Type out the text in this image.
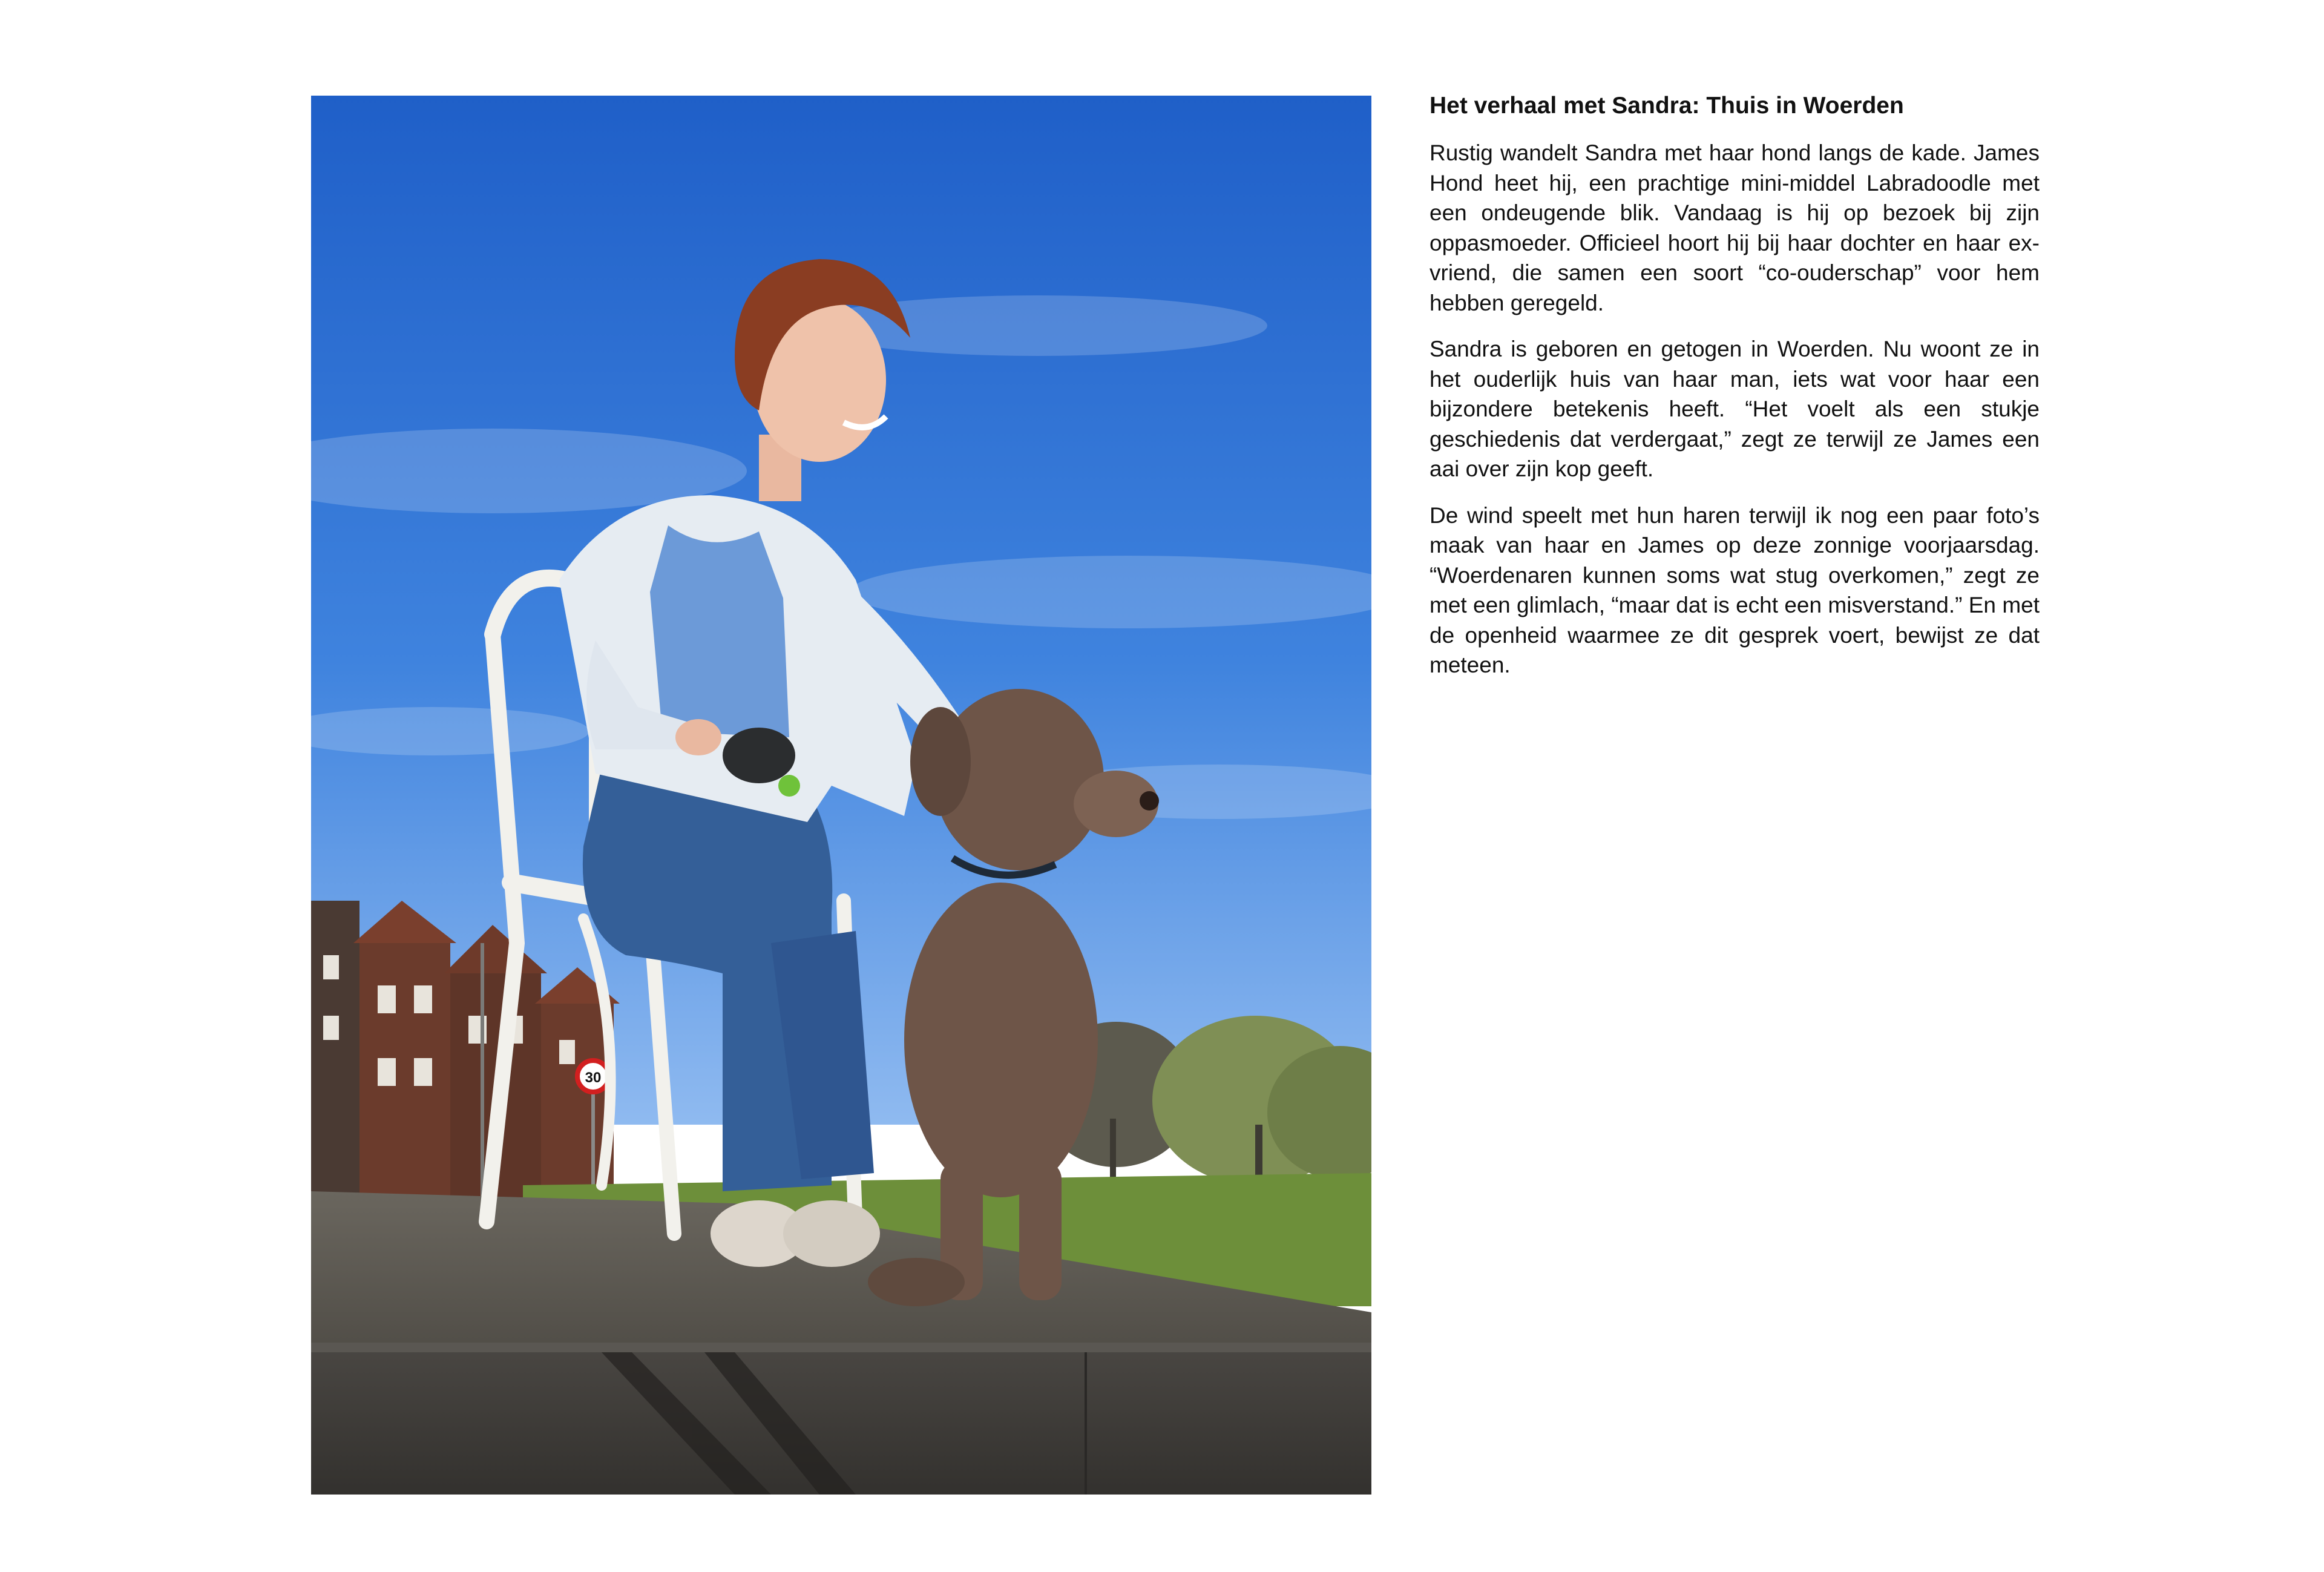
30
Het verhaal met Sandra: Thuis in Woerden

Rustig wandelt Sandra met haar hond langs de kade. James Hond heet hij, een prachtige mini-middel Labradoodle met een ondeugende blik. Vandaag is hij op bezoek bij zijn oppasmoeder. Officieel hoort hij bij haar dochter en haar ex-vriend, die samen een soort “co-ouderschap” voor hem hebben geregeld.

Sandra is geboren en getogen in Woerden. Nu woont ze in het ouderlijk huis van haar man, iets wat voor haar een bijzondere betekenis heeft. “Het voelt als een stukje geschiedenis dat verdergaat,” zegt ze terwijl ze James een aai over zijn kop geeft.

De wind speelt met hun haren terwijl ik nog een paar foto’s maak van haar en James op deze zonnige voorjaarsdag. “Woerdenaren kunnen soms wat stug overkomen,” zegt ze met een glimlach, “maar dat is echt een misverstand.” En met de openheid waarmee ze dit gesprek voert, bewijst ze dat meteen.
